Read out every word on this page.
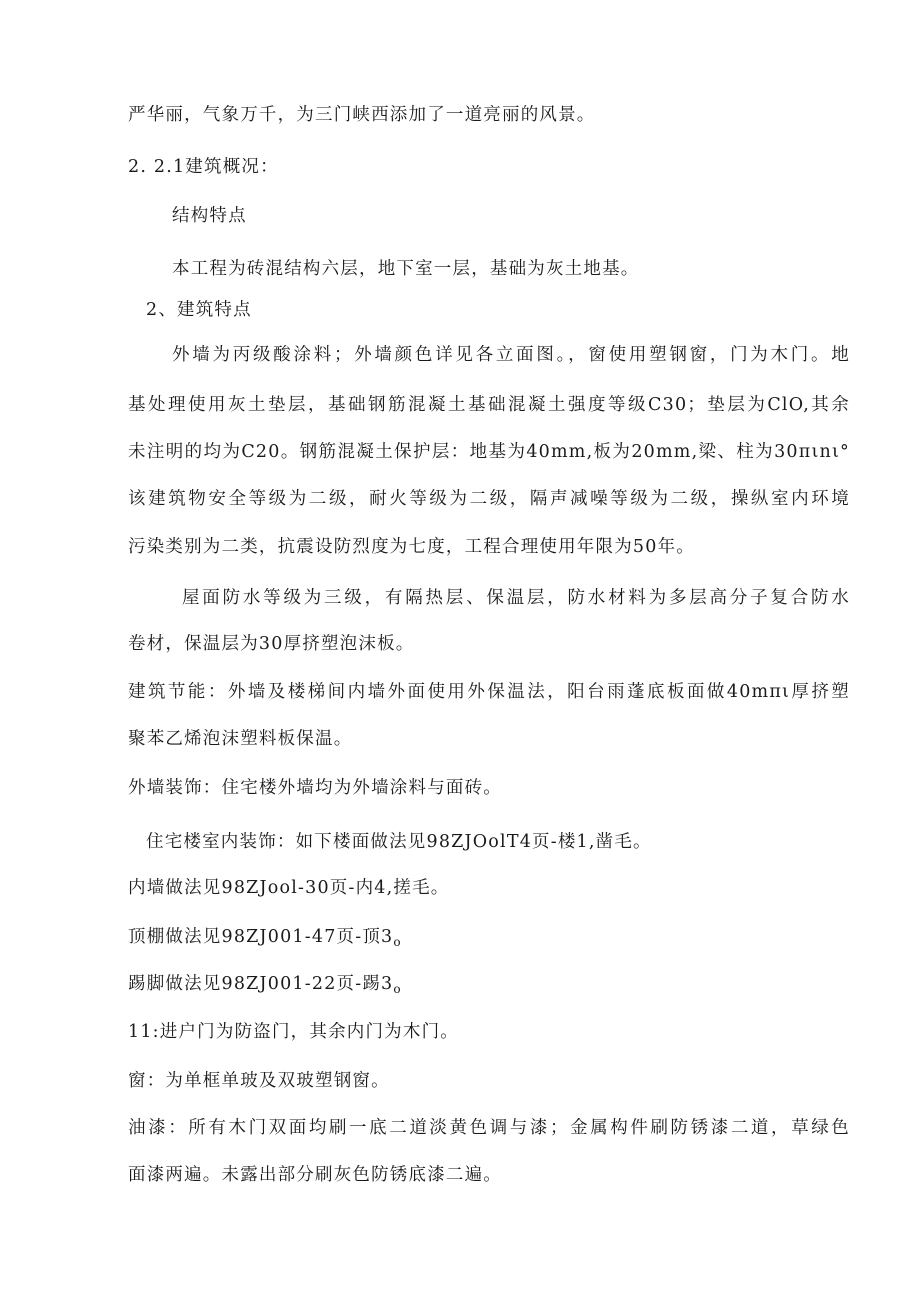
严华丽，气象万千，为三门峡西添加了一道亮丽的风景。
2. 2.1建筑概况：
结构特点
本工程为砖混结构六层，地下室一层，基础为灰土地基。
2、建筑特点
外墙为丙级酸涂料；外墙颜色详见各立面图。，窗使用塑钢窗，门为木门。地
基处理使用灰土垫层，基础钢筋混凝土基础混凝土强度等级C30；垫层为ClO,其余
未注明的均为C20。钢筋混凝土保护层：地基为40mm,板为20mm,梁、柱为30πιnι°
该建筑物安全等级为二级，耐火等级为二级，隔声减噪等级为二级，操纵室内环境
污染类别为二类，抗震设防烈度为七度，工程合理使用年限为50年。
屋面防水等级为三级，有隔热层、保温层，防水材料为多层高分子复合防水
卷材，保温层为30厚挤塑泡沫板。
建筑节能：外墙及楼梯间内墙外面使用外保温法，阳台雨蓬底板面做40mπι厚挤塑
聚苯乙烯泡沫塑料板保温。
外墙装饰：住宅楼外墙均为外墙涂料与面砖。
住宅楼室内装饰：如下楼面做法见98ZJOolT4页-楼1,凿毛。
内墙做法见98ZJool-30页-内4,搓毛。
顶棚做法见98ZJ001-47页-顶$3_o$
踢脚做法见98ZJ001-22页-踢$3_o$
11:进户门为防盗门，其余内门为木门。
窗：为单框单玻及双玻塑钢窗。
油漆：所有木门双面均刷一底二道淡黄色调与漆；金属构件刷防锈漆二道，草绿色
面漆两遍。未露出部分刷灰色防锈底漆二遍。
